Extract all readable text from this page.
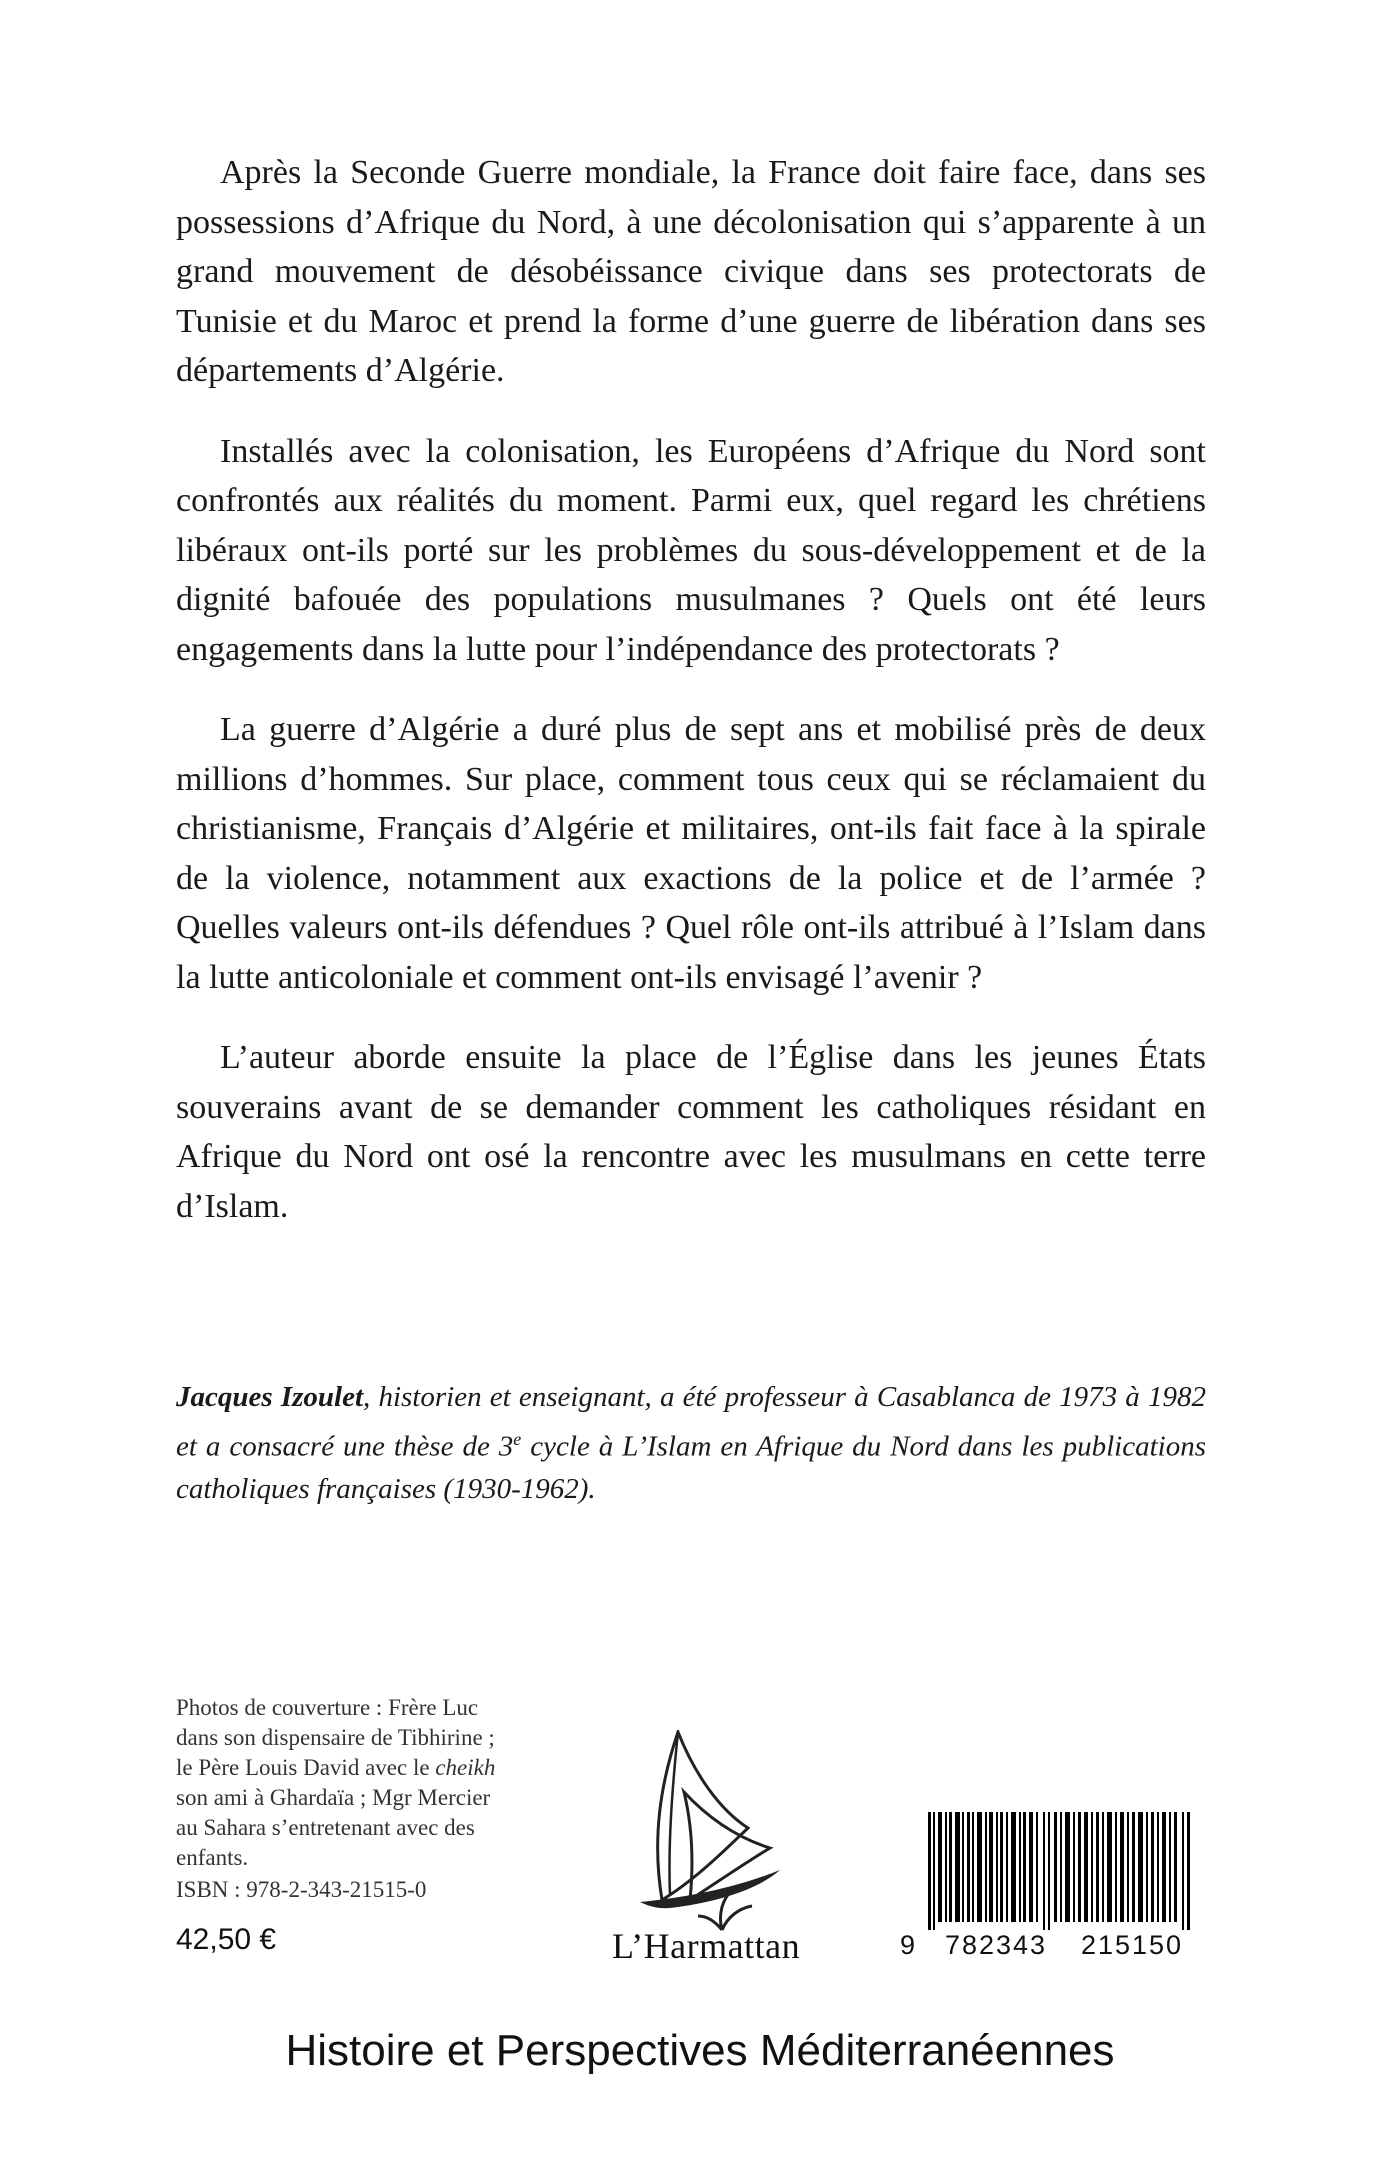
Après la Seconde Guerre mondiale, la France doit faire face, dans ses possessions d’Afrique du Nord, à une décolonisation qui s’apparente à un grand mouvement de désobéissance civique dans ses protectorats de Tunisie et du Maroc et prend la forme d’une guerre de libération dans ses départements d’Algérie.

Installés avec la colonisation, les Européens d’Afrique du Nord sont confrontés aux réalités du moment. Parmi eux, quel regard les chrétiens libéraux ont-ils porté sur les problèmes du sous-développement et de la dignité bafouée des populations musulmanes ? Quels ont été leurs engagements dans la lutte pour l’indépendance des protectorats ?

La guerre d’Algérie a duré plus de sept ans et mobilisé près de deux millions d’hommes. Sur place, comment tous ceux qui se réclamaient du christianisme, Français d’Algérie et militaires, ont-ils fait face à la spirale de la violence, notamment aux exactions de la police et de l’armée ? Quelles valeurs ont-ils défendues ? Quel rôle ont-ils attribué à l’Islam dans la lutte anticoloniale et comment ont-ils envisagé l’avenir ?

L’auteur aborde ensuite la place de l’Église dans les jeunes États souverains avant de se demander comment les catholiques résidant en Afrique du Nord ont osé la rencontre avec les musulmans en cette terre d’Islam.

Jacques Izoulet, historien et enseignant, a été professeur à Casablanca de 1973 à 1982 et a consacré une thèse de 3e cycle à L’Islam en Afrique du Nord dans les publications catholiques françaises (1930-1962).

Photos de couverture : Frère Luc dans son dispensaire de Tibhirine ; le Père Louis David avec le cheikh son ami à Ghardaïa ; Mgr Mercier au Sahara s’entretenant avec des enfants.

ISBN : 978-2-343-21515-0
42,50 €	L’Harmattan	9	782343	215150
Histoire et Perspectives Méditerranéennes
